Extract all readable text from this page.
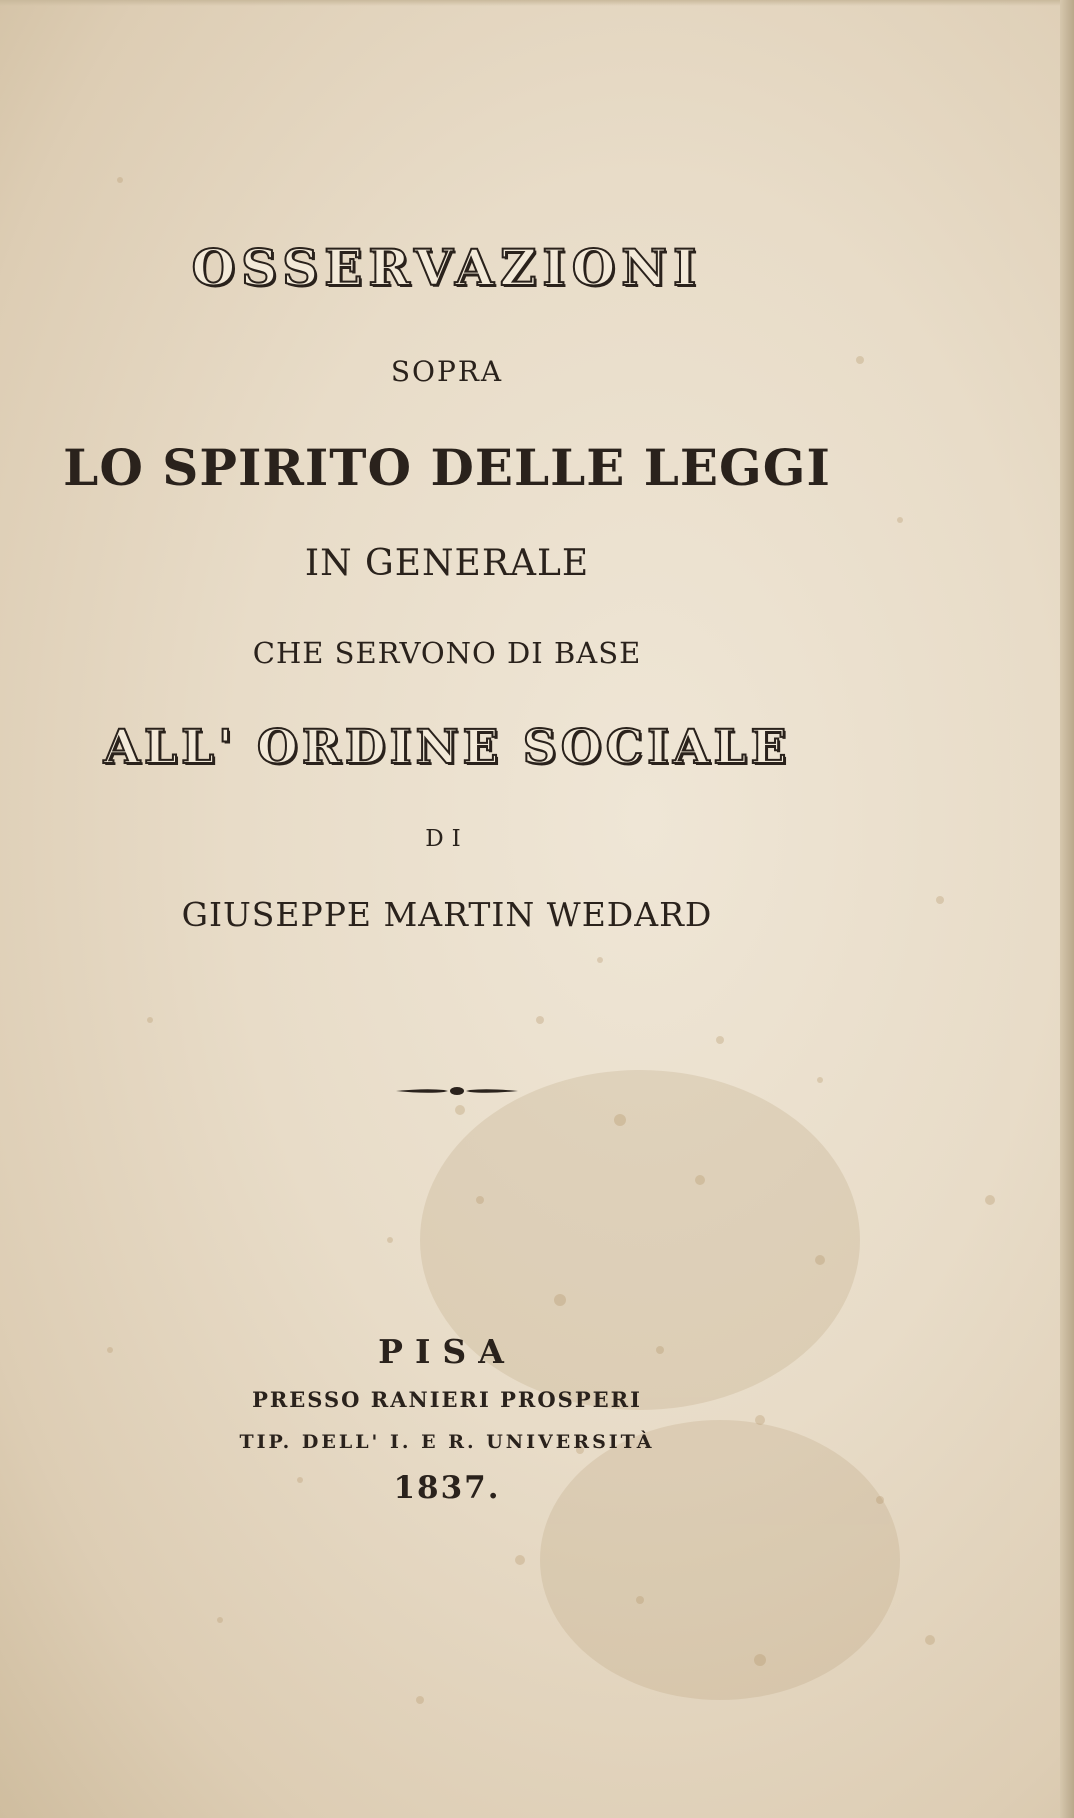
OSSERVAZIONI
SOPRA
LO SPIRITO DELLE LEGGI
IN GENERALE
CHE SERVONO DI BASE
ALL' ORDINE SOCIALE
DI
GIUSEPPE MARTIN WEDARD
PISA
PRESSO RANIERI PROSPERI
TIP. DELL' I. E R. UNIVERSITÀ
1837.
